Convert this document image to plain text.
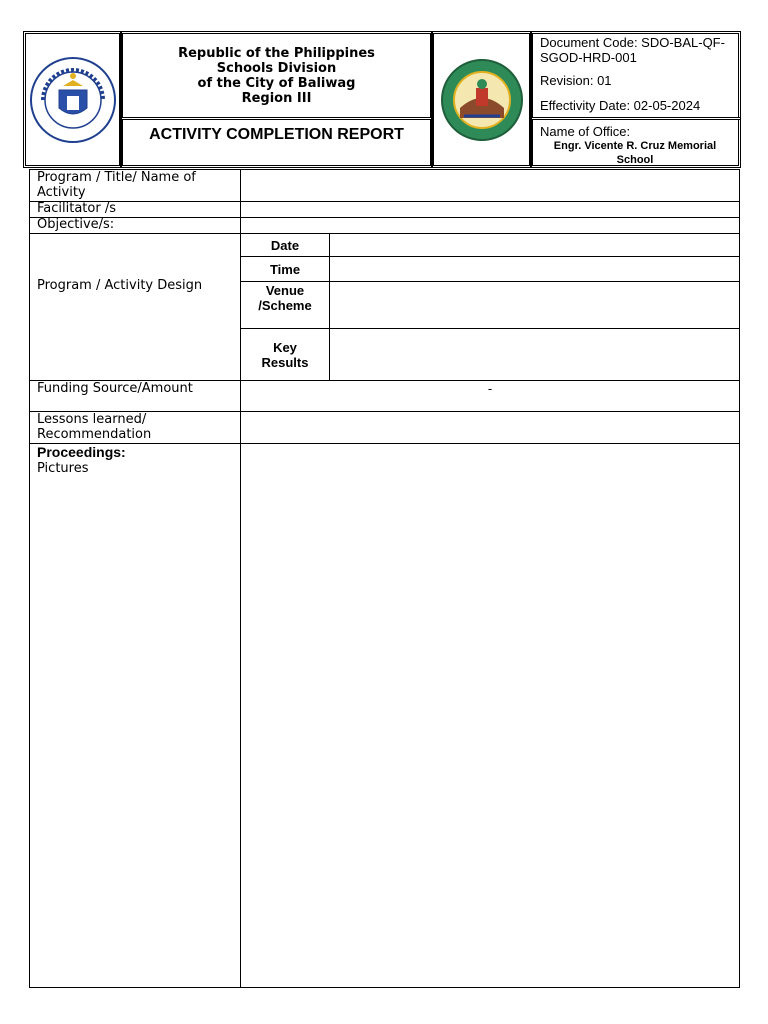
Republic of the Philippines
Schools Division
of the City of Baliwag
Region III
ACTIVITY COMPLETION REPORT
Document Code: SDO-BAL-QF-SGOD-HRD-001
Revision: 01
Effectivity Date: 02-05-2024
Name of Office:
Engr. Vicente R. Cruz Memorial School
Program / Title/ Name of Activity
Facilitator /s
Objective/s:
Program / Activity Design
Date
Time
Venue /Scheme
Key Results
Funding Source/Amount	-
Lessons learned/ Recommendation
Proceedings:
Pictures
